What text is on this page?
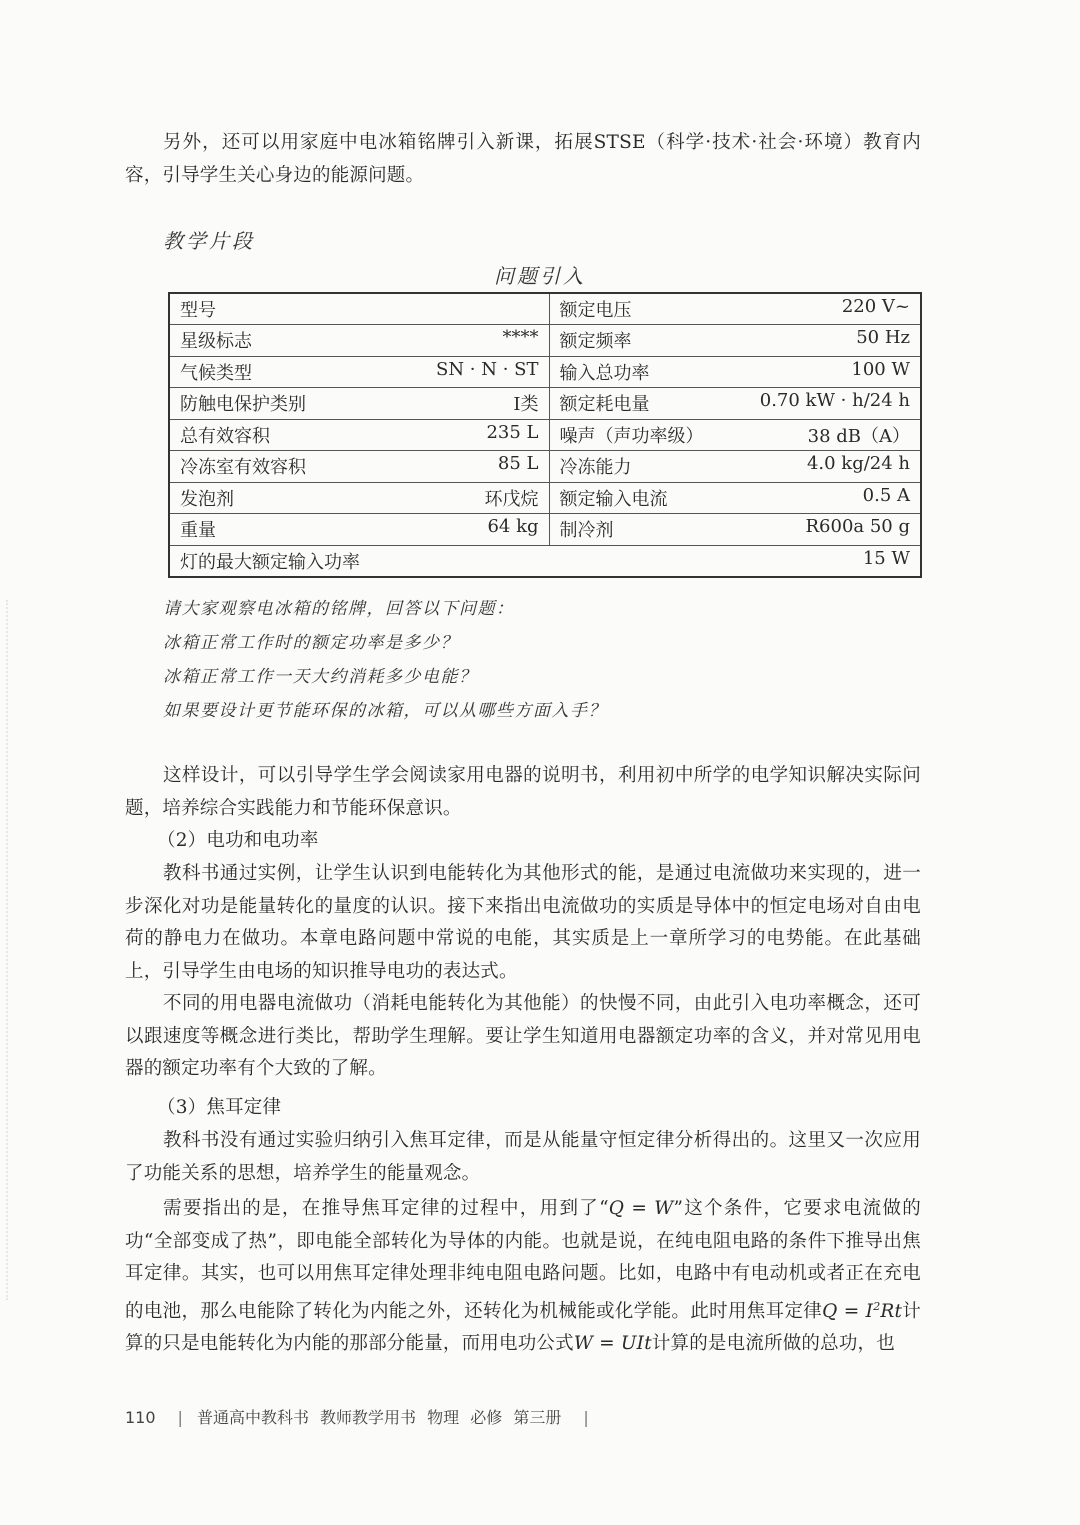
另外，还可以用家庭中电冰箱铭牌引入新课，拓展STSE（科学·技术·社会·环境）教育内容，引导学生关心身边的能源问题。

教学片段
问题引入
型号	额定电压 220 V~

星级标志 ****	额定频率 50 Hz

气候类型 SN · N · ST	输入总功率 100 W

防触电保护类别 I类	额定耗电量 0.70 kW · h/24 h

总有效容积 235 L	噪声（声功率级） 38 dB（A）

冷冻室有效容积 85 L	冷冻能力 4.0 kg/24 h

发泡剂 环戊烷	额定输入电流 0.5 A

重量 64 kg	制冷剂 R600a 50 g

灯的最大额定输入功率 15 W	
请大家观察电冰箱的铭牌，回答以下问题：
冰箱正常工作时的额定功率是多少？
冰箱正常工作一天大约消耗多少电能？
如果要设计更节能环保的冰箱，可以从哪些方面入手？

这样设计，可以引导学生学会阅读家用电器的说明书，利用初中所学的电学知识解决实际问题，培养综合实践能力和节能环保意识。

（2）电功和电功率

教科书通过实例，让学生认识到电能转化为其他形式的能，是通过电流做功来实现的，进一步深化对功是能量转化的量度的认识。接下来指出电流做功的实质是导体中的恒定电场对自由电荷的静电力在做功。本章电路问题中常说的电能，其实质是上一章所学习的电势能。在此基础上，引导学生由电场的知识推导电功的表达式。

不同的用电器电流做功（消耗电能转化为其他能）的快慢不同，由此引入电功率概念，还可以跟速度等概念进行类比，帮助学生理解。要让学生知道用电器额定功率的含义，并对常见用电器的额定功率有个大致的了解。

（3）焦耳定律

教科书没有通过实验归纳引入焦耳定律，而是从能量守恒定律分析得出的。这里又一次应用了功能关系的思想，培养学生的能量观念。

需要指出的是，在推导焦耳定律的过程中，用到了“Q = W”这个条件，它要求电流做的功“全部变成了热”，即电能全部转化为导体的内能。也就是说，在纯电阻电路的条件下推导出焦耳定律。其实，也可以用焦耳定律处理非纯电阻电路问题。比如，电路中有电动机或者正在充电的电池，那么电能除了转化为内能之外，还转化为机械能或化学能。此时用焦耳定律$Q = I^2Rt$计算的只是电能转化为内能的那部分能量，而用电功公式W = UIt计算的是电流所做的总功，也

110 | 普通高中教科书 教师教学用书 物理 必修 第三册 |
